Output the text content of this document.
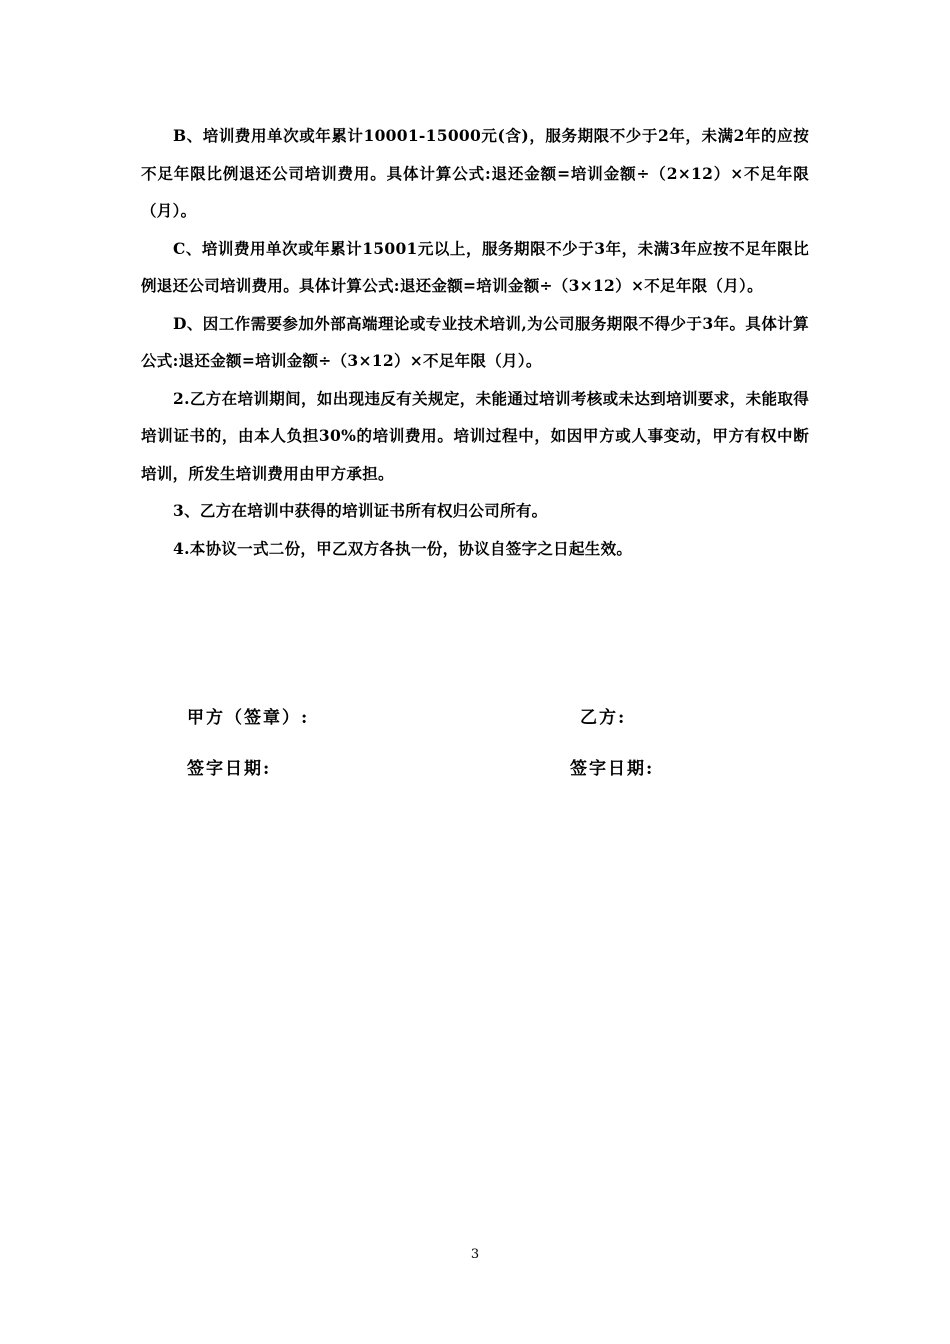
B、培训费用单次或年累计10001-15000元(含)，服务期限不少于2年，未满2年的应按不足年限比例退还公司培训费用。具体计算公式:退还金额=培训金额÷（2×12）×不足年限（月）。

C、培训费用单次或年累计15001元以上，服务期限不少于3年，未满3年应按不足年限比例退还公司培训费用。具体计算公式:退还金额=培训金额÷（3×12）×不足年限（月）。

D、因工作需要参加外部高端理论或专业技术培训,为公司服务期限不得少于3年。具体计算公式:退还金额=培训金额÷（3×12）×不足年限（月）。

2.乙方在培训期间，如出现违反有关规定，未能通过培训考核或未达到培训要求，未能取得培训证书的，由本人负担30%的培训费用。培训过程中，如因甲方或人事变动，甲方有权中断培训，所发生培训费用由甲方承担。

3、乙方在培训中获得的培训证书所有权归公司所有。

4.本协议一式二份，甲乙双方各执一份，协议自签字之日起生效。

甲方（签章）:	乙方:
签字日期:	签字日期:
3
